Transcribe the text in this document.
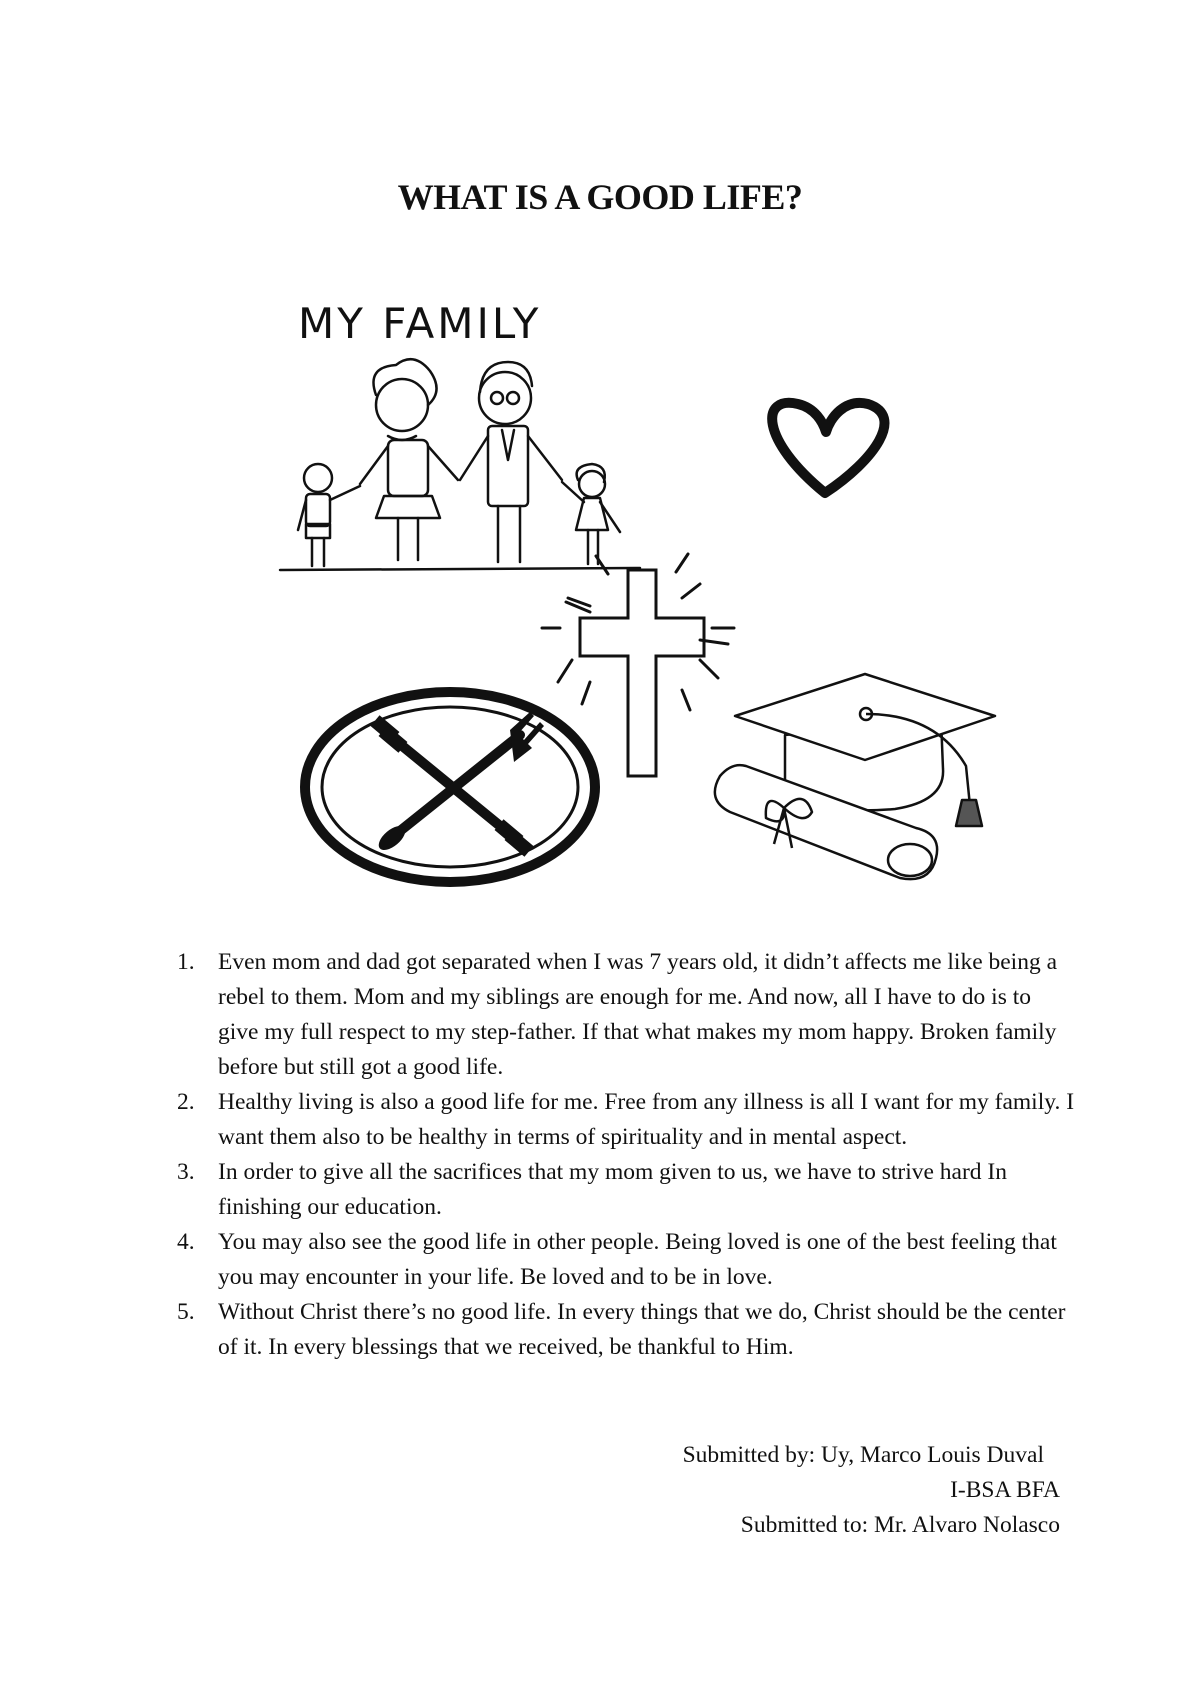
WHAT IS A GOOD LIFE?
MY FAMILY
1. Even mom and dad got separated when I was 7 years old, it didn’t affects me like being a rebel to them. Mom and my siblings are enough for me. And now, all I have to do is to give my full respect to my step-father. If that what makes my mom happy. Broken family before but still got a good life.
2. Healthy living is also a good life for me. Free from any illness is all I want for my family. I want them also to be healthy in terms of spirituality and in mental aspect.
3. In order to give all the sacrifices that my mom given to us, we have to strive hard In finishing our education.
4. You may also see the good life in other people. Being loved is one of the best feeling that you may encounter in your life. Be loved and to be in love.
5. Without Christ there’s no good life. In every things that we do, Christ should be the center of it. In every blessings that we received, be thankful to Him.
Submitted by: Uy, Marco Louis Duval
I-BSA BFA
Submitted to: Mr. Alvaro Nolasco
